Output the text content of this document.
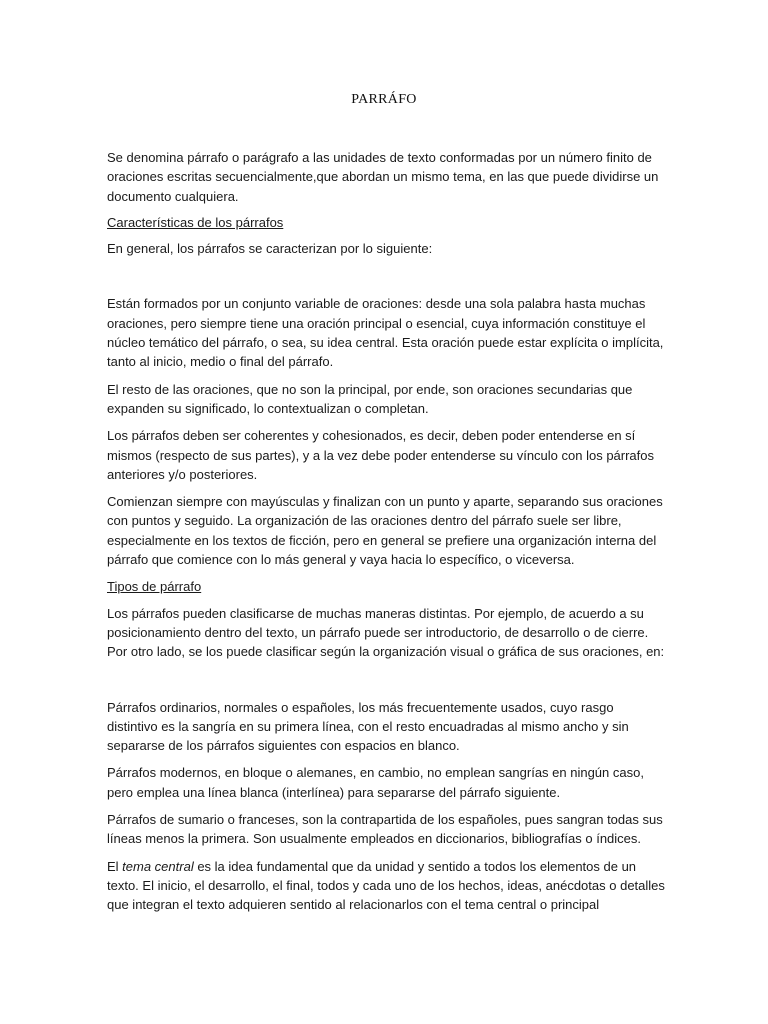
PARRÁFO

Se denomina párrafo o parágrafo a las unidades de texto conformadas por un número finito de oraciones escritas secuencialmente,que abordan un mismo tema, en las que puede dividirse un documento cualquiera.

Características de los párrafos

En general, los párrafos se caracterizan por lo siguiente:

Están formados por un conjunto variable de oraciones: desde una sola palabra hasta muchas oraciones, pero siempre tiene una oración principal o esencial, cuya información constituye el núcleo temático del párrafo, o sea, su idea central. Esta oración puede estar explícita o implícita, tanto al inicio, medio o final del párrafo.

El resto de las oraciones, que no son la principal, por ende, son oraciones secundarias que expanden su significado, lo contextualizan o completan.

Los párrafos deben ser coherentes y cohesionados, es decir, deben poder entenderse en sí mismos (respecto de sus partes), y a la vez debe poder entenderse su vínculo con los párrafos anteriores y/o posteriores.

Comienzan siempre con mayúsculas y finalizan con un punto y aparte, separando sus oraciones con puntos y seguido. La organización de las oraciones dentro del párrafo suele ser libre, especialmente en los textos de ficción, pero en general se prefiere una organización interna del párrafo que comience con lo más general y vaya hacia lo específico, o viceversa.

Tipos de párrafo

Los párrafos pueden clasificarse de muchas maneras distintas. Por ejemplo, de acuerdo a su posicionamiento dentro del texto, un párrafo puede ser introductorio, de desarrollo o de cierre. Por otro lado, se los puede clasificar según la organización visual o gráfica de sus oraciones, en:

Párrafos ordinarios, normales o españoles, los más frecuentemente usados, cuyo rasgo distintivo es la sangría en su primera línea, con el resto encuadradas al mismo ancho y sin separarse de los párrafos siguientes con espacios en blanco.

Párrafos modernos, en bloque o alemanes, en cambio, no emplean sangrías en ningún caso, pero emplea una línea blanca (interlínea) para separarse del párrafo siguiente.

Párrafos de sumario o franceses, son la contrapartida de los españoles, pues sangran todas sus líneas menos la primera. Son usualmente empleados en diccionarios, bibliografías o índices.

El tema central es la idea fundamental que da unidad y sentido a todos los elementos de un texto. El inicio, el desarrollo, el final, todos y cada uno de los hechos, ideas, anécdotas o detalles que integran el texto adquieren sentido al relacionarlos con el tema central o principal
